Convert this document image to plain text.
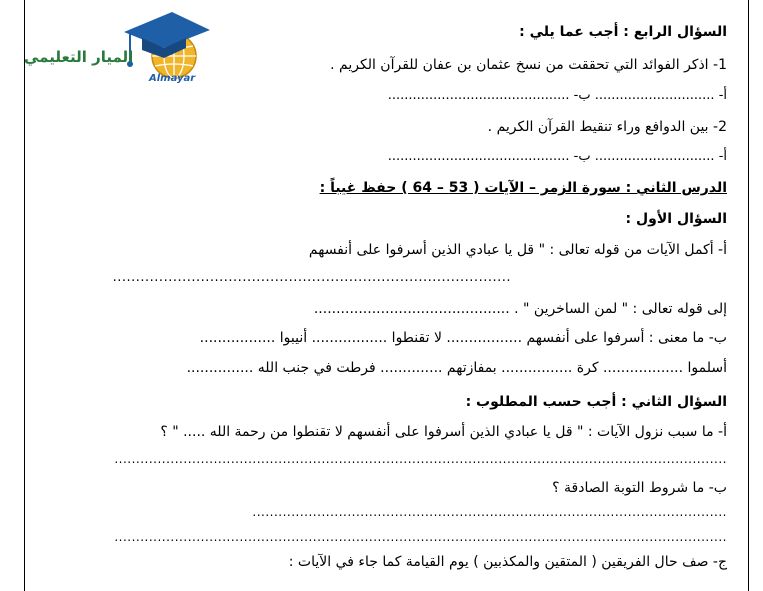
الميار التعليمي
Almayar
السؤال الرابع : أجب عما يلي :
1- اذكر الفوائد التي تحققت من نسخ عثمان بن عفان للقرآن الكريم .
أ- ............................. ب- ............................................
2- بين الدوافع وراء تنقيط القرآن الكريم .
أ- ............................. ب- ............................................
الدرس الثاني : سورة الزمر – الآيات ( 53 – 64 ) حفظ غيباً :
السؤال الأول :
أ- أكمل الآيات من قوله تعالى : " قل يا عبادي الذين أسرفوا على أنفسهم
......................................................................................
إلى قوله تعالى : " لمن الساخرين " . ............................................
ب- ما معنى : أسرفوا على أنفسهم ................. لا تقنطوا ................. أنيبوا .................
أسلموا .................. كرة ................ بمفازتهم .............. فرطت في جنب الله ...............
السؤال الثاني : أجب حسب المطلوب :
أ- ما سبب نزول الآيات : " قل يا عبادي الذين أسرفوا على أنفسهم لا تقنطوا من رحمة الله ..... " ؟
..............................................................................................................................................
ب- ما شروط التوبة الصادقة ؟
..............................................................................................................
..............................................................................................................................................
ج- صف حال الفريقين ( المتقين والمكذبين ) يوم القيامة كما جاء في الآيات :
